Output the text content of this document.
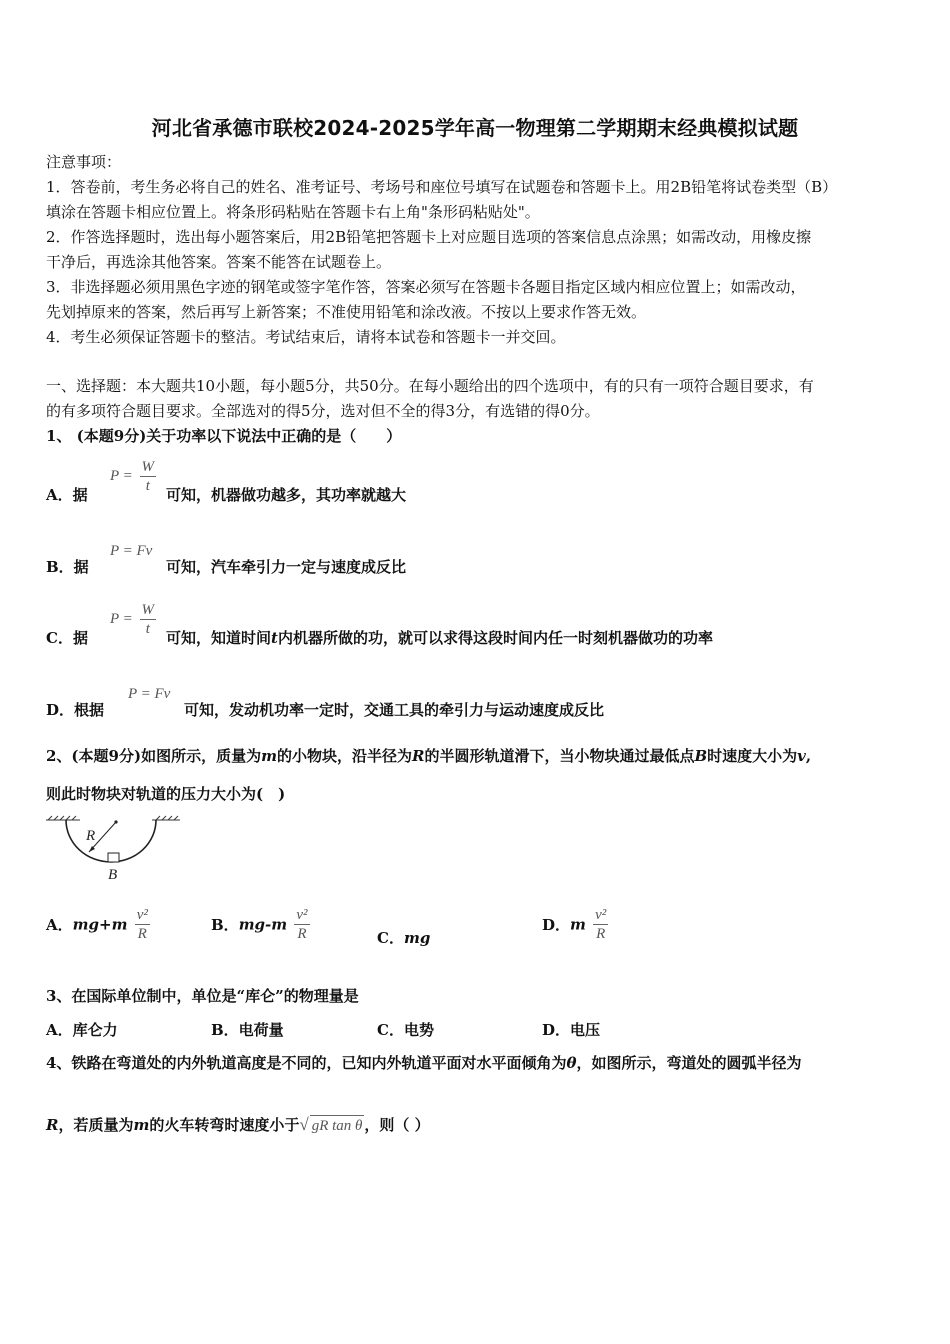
河北省承德市联校2024-2025学年高一物理第二学期期末经典模拟试题
注意事项：
1．答卷前，考生务必将自己的姓名、准考证号、考场号和座位号填写在试题卷和答题卡上。用2B铅笔将试卷类型（B）
填涂在答题卡相应位置上。将条形码粘贴在答题卡右上角"条形码粘贴处"。
2．作答选择题时，选出每小题答案后，用2B铅笔把答题卡上对应题目选项的答案信息点涂黑；如需改动，用橡皮擦
干净后，再选涂其他答案。答案不能答在试题卷上。
3．非选择题必须用黑色字迹的钢笔或签字笔作答，答案必须写在答题卡各题目指定区域内相应位置上；如需改动，
先划掉原来的答案，然后再写上新答案；不准使用铅笔和涂改液。不按以上要求作答无效。
4．考生必须保证答题卡的整洁。考试结束后，请将本试卷和答题卡一并交回。
一、选择题：本大题共10小题，每小题5分，共50分。在每小题给出的四个选项中，有的只有一项符合题目要求，有
的有多项符合题目要求。全部选对的得5分，选对但不全的得3分，有选错的得0分。
1、 (本题9分)关于功率以下说法中正确的是（　　）
A．据
$P = \frac{W}{t}$ 可知，机器做功越多，其功率就越大
B．据
P = Fv
可知，汽车牵引力一定与速度成反比
C．据
$P = \frac{W}{t}$ 可知，知道时间t内机器所做的功，就可以求得这段时间内任一时刻机器做功的功率
D．根据
P = Fv
可知，发动机功率一定时，交通工具的牵引力与运动速度成反比
2、(本题9分)如图所示，质量为m的小物块，沿半径为R的半圆形轨道滑下，当小物块通过最低点B时速度大小为v,
则此时物块对轨道的压力大小为(　)
R
B
A．$mg+m \frac{\text{v²}}{R}$	B．$mg-m \frac{\text{v²}}{R}$	C．mg
D．m $\frac{\text{v²}}{R}$
3、在国际单位制中，单位是“库仑”的物理量是
A．库仑力	B．电荷量	C．电势	D．电压
4、铁路在弯道处的内外轨道高度是不同的，已知内外轨道平面对水平面倾角为θ，如图所示，弯道处的圆弧半径为
R，若质量为m的火车转弯时速度小于√ gR tan θ ，则（ ）
